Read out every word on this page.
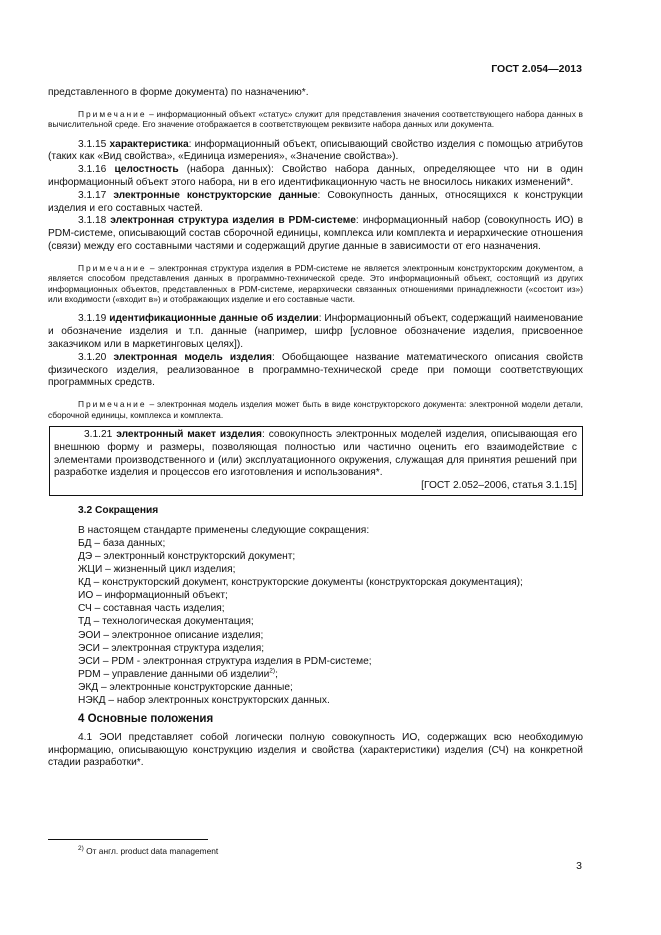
ГОСТ 2.054—2013

представленного в форме документа) по назначению*.

Примечание – информационный объект «статус» служит для представления значения соответствующего набора данных в вычислительной среде. Его значение отображается в соответствующем реквизите набора данных или документа.

3.1.15 характеристика: информационный объект, описывающий свойство изделия с помощью атрибутов (таких как «Вид свойства», «Единица измерения», «Значение свойства»).

3.1.16 целостность (набора данных): Свойство набора данных, определяющее что ни в один информационный объект этого набора, ни в его идентификационную часть не вносилось никаких изменений*.

3.1.17 электронные конструкторские данные: Совокупность данных, относящихся к конструкции изделия и его составных частей.

3.1.18 электронная структура изделия в PDM-системе: информационный набор (совокупность ИО) в PDM-системе, описывающий состав сборочной единицы, комплекса или комплекта и иерархические отношения (связи) между его составными частями и содержащий другие данные в зависимости от его назначения.

Примечание – электронная структура изделия в PDM-системе не является электронным конструкторским документом, а является способом представления данных в программно-технической среде. Это информационный объект, состоящий из других информационных объектов, представленных в PDM-системе, иерархически связанных отношениями принадлежности («состоит из») или входимости («входит в») и отображающих изделие и его составные части.

3.1.19 идентификационные данные об изделии: Информационный объект, содержащий наименование и обозначение изделия и т.п. данные (например, шифр [условное обозначение изделия, присвоенное заказчиком или в маркетинговых целях]).

3.1.20 электронная модель изделия: Обобщающее название математического описания свойств физического изделия, реализованное в программно-технической среде при помощи соответствующих программных средств.

Примечание – электронная модель изделия может быть в виде конструкторского документа: электронной модели детали, сборочной единицы, комплекса и комплекта.

3.1.21 электронный макет изделия: совокупность электронных моделей изделия, описывающая его внешнюю форму и размеры, позволяющая полностью или частично оценить его взаимодействие с элементами производственного и (или) эксплуатационного окружения, служащая для принятия решений при разработке изделия и процессов его изготовления и использования*.

[ГОСТ 2.052–2006, статья 3.1.15]
3.2 Сокращения
В настоящем стандарте применены следующие сокращения:
БД – база данных;
ДЭ – электронный конструкторский документ;
ЖЦИ – жизненный цикл изделия;
КД – конструкторский документ, конструкторские документы (конструкторская документация);
ИО – информационный объект;
СЧ – составная часть изделия;
ТД – технологическая документация;
ЭОИ – электронное описание изделия;
ЭСИ – электронная структура изделия;
ЭСИ – PDM - электронная структура изделия в PDM-системе;
PDM – управление данными об изделии$^{2)}$;
ЭКД – электронные конструкторские данные;
НЭКД – набор электронных конструкторских данных.
4 Основные положения

4.1 ЭОИ представляет собой логически полную совокупность ИО, содержащих всю необходимую информацию, описывающую конструкцию изделия и свойства (характеристики) изделия (СЧ) на конкретной стадии разработки*.

$^{2)}$ От англ. product data management
3
